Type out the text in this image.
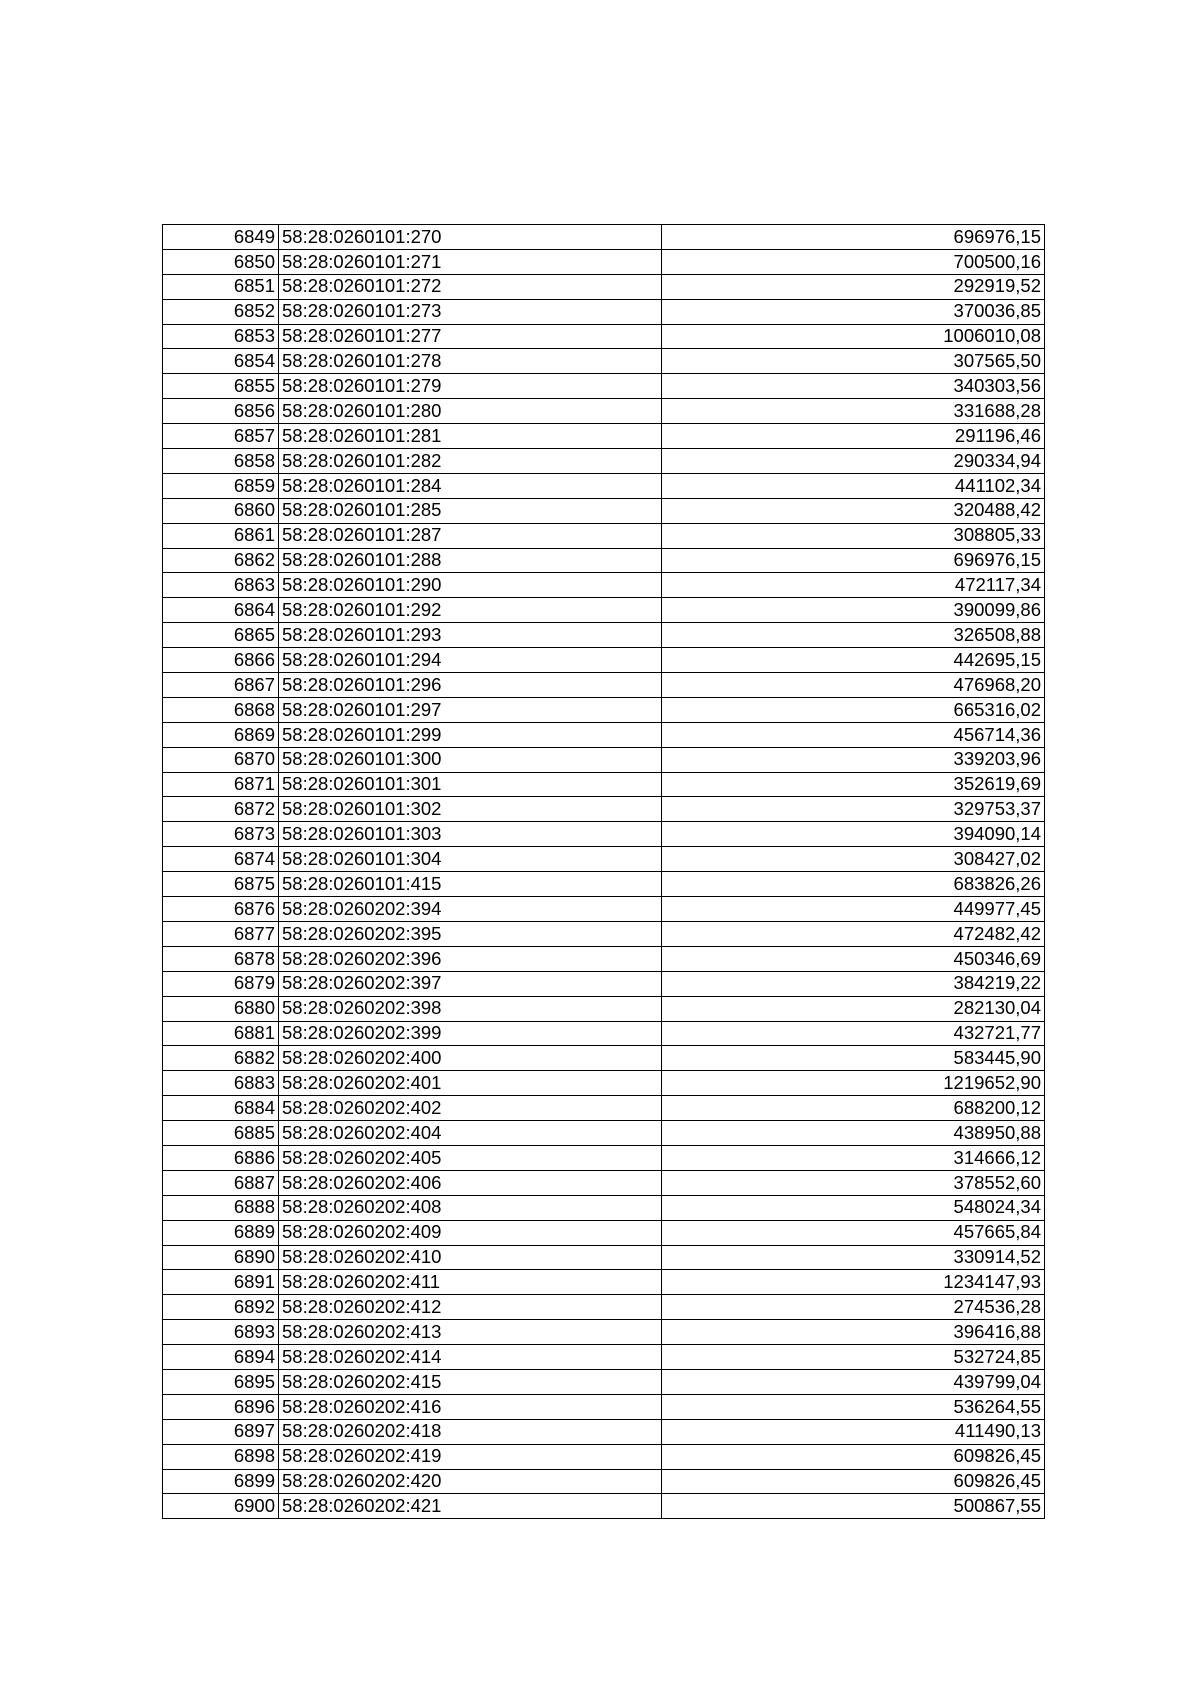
6849	58:28:0260101:270	696976,15
6850	58:28:0260101:271	700500,16
6851	58:28:0260101:272	292919,52
6852	58:28:0260101:273	370036,85
6853	58:28:0260101:277	1006010,08
6854	58:28:0260101:278	307565,50
6855	58:28:0260101:279	340303,56
6856	58:28:0260101:280	331688,28
6857	58:28:0260101:281	291196,46
6858	58:28:0260101:282	290334,94
6859	58:28:0260101:284	441102,34
6860	58:28:0260101:285	320488,42
6861	58:28:0260101:287	308805,33
6862	58:28:0260101:288	696976,15
6863	58:28:0260101:290	472117,34
6864	58:28:0260101:292	390099,86
6865	58:28:0260101:293	326508,88
6866	58:28:0260101:294	442695,15
6867	58:28:0260101:296	476968,20
6868	58:28:0260101:297	665316,02
6869	58:28:0260101:299	456714,36
6870	58:28:0260101:300	339203,96
6871	58:28:0260101:301	352619,69
6872	58:28:0260101:302	329753,37
6873	58:28:0260101:303	394090,14
6874	58:28:0260101:304	308427,02
6875	58:28:0260101:415	683826,26
6876	58:28:0260202:394	449977,45
6877	58:28:0260202:395	472482,42
6878	58:28:0260202:396	450346,69
6879	58:28:0260202:397	384219,22
6880	58:28:0260202:398	282130,04
6881	58:28:0260202:399	432721,77
6882	58:28:0260202:400	583445,90
6883	58:28:0260202:401	1219652,90
6884	58:28:0260202:402	688200,12
6885	58:28:0260202:404	438950,88
6886	58:28:0260202:405	314666,12
6887	58:28:0260202:406	378552,60
6888	58:28:0260202:408	548024,34
6889	58:28:0260202:409	457665,84
6890	58:28:0260202:410	330914,52
6891	58:28:0260202:411	1234147,93
6892	58:28:0260202:412	274536,28
6893	58:28:0260202:413	396416,88
6894	58:28:0260202:414	532724,85
6895	58:28:0260202:415	439799,04
6896	58:28:0260202:416	536264,55
6897	58:28:0260202:418	411490,13
6898	58:28:0260202:419	609826,45
6899	58:28:0260202:420	609826,45
6900	58:28:0260202:421	500867,55
